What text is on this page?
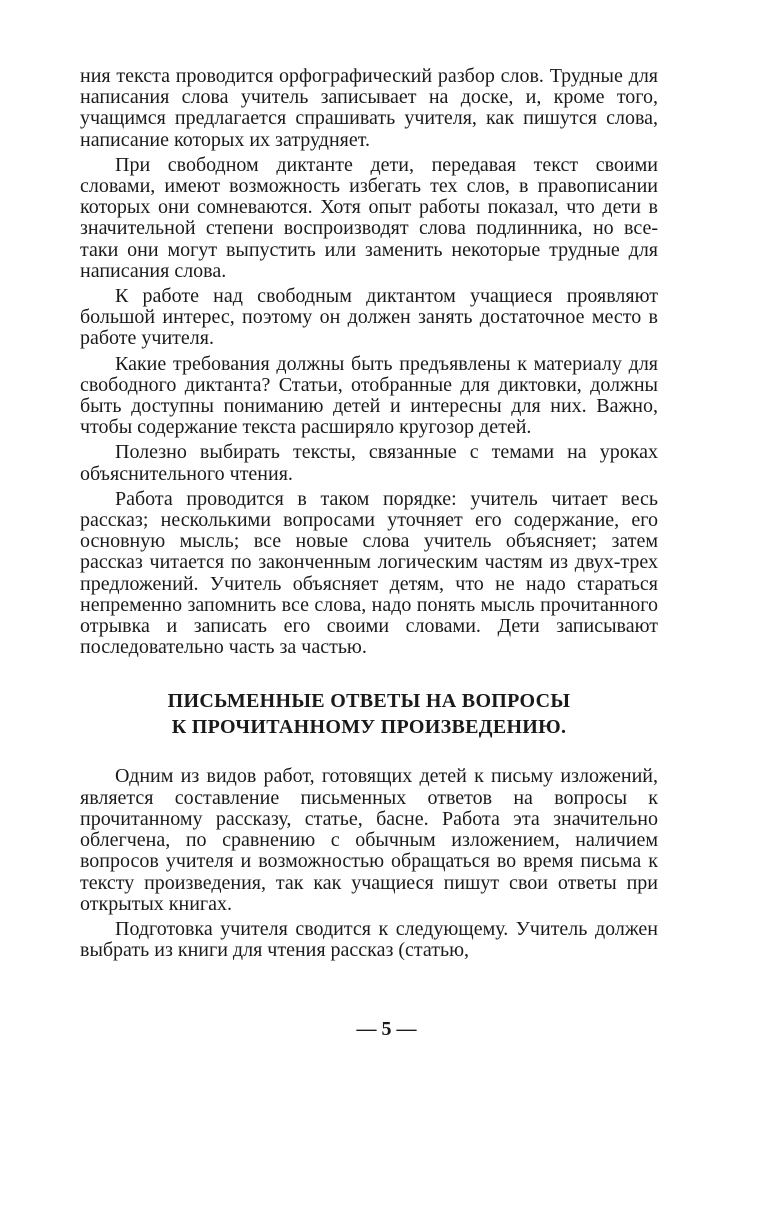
ния текста проводится орфографический разбор слов. Трудные для написания слова учитель записывает на доске, и, кроме того, учащимся предлагается спрашивать учителя, как пишутся слова, написание которых их затрудняет.

При свободном диктанте дети, передавая текст своими словами, имеют возможность избегать тех слов, в правописании которых они сомневаются. Хотя опыт работы показал, что дети в значительной степени воспроизводят слова подлинника, но все-таки они могут выпустить или заменить некоторые трудные для написания слова.

К работе над свободным диктантом учащиеся проявляют большой интерес, поэтому он должен занять достаточное место в работе учителя.

Какие требования должны быть предъявлены к материалу для свободного диктанта? Статьи, отобранные для диктовки, должны быть доступны пониманию детей и интересны для них. Важно, чтобы содержание текста расширяло кругозор детей.

Полезно выбирать тексты, связанные с темами на уроках объяснительного чтения.

Работа проводится в таком порядке: учитель читает весь рассказ; несколькими вопросами уточняет его содержание, его основную мысль; все новые слова учитель объясняет; затем рассказ читается по законченным логическим частям из двух-трех предложений. Учитель объясняет детям, что не надо стараться непременно запомнить все слова, надо понять мысль прочитанного отрывка и записать его своими словами. Дети записывают последовательно часть за частью.

ПИСЬМЕННЫЕ ОТВЕТЫ НА ВОПРОСЫ
К ПРОЧИТАННОМУ ПРОИЗВЕДЕНИЮ.

Одним из видов работ, готовящих детей к письму изложений, является составление письменных ответов на вопросы к прочитанному рассказу, статье, басне. Работа эта значительно облегчена, по сравнению с обычным изложением, наличием вопросов учителя и возможностью обращаться во время письма к тексту произведения, так как учащиеся пишут свои ответы при открытых книгах.

Подготовка учителя сводится к следующему. Учитель должен выбрать из книги для чтения рассказ (статью,

— 5 —
